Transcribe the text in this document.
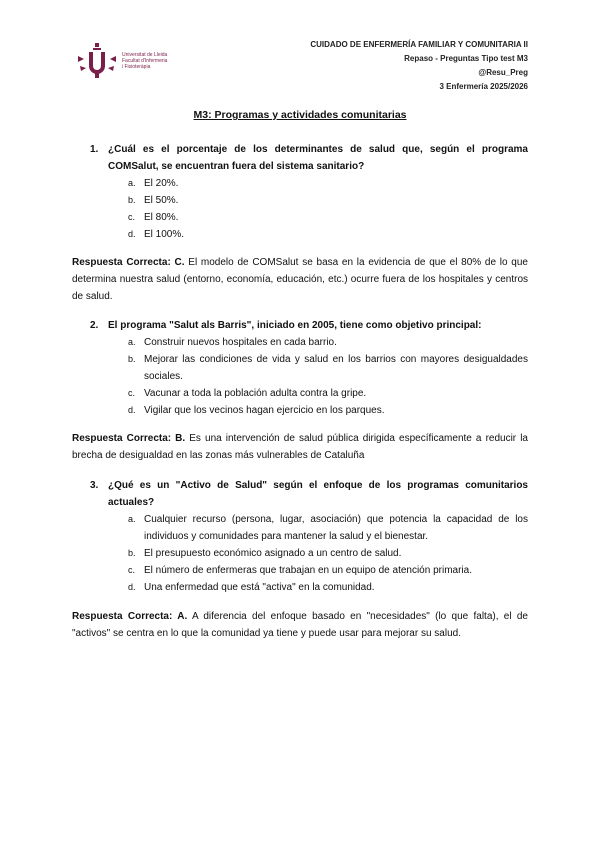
Universitat de Lleida
Facultat d'Infermeria
i Fisioteràpia
CUIDADO DE ENFERMERÍA FAMILIAR Y COMUNITARIA II
Repaso - Preguntas Tipo test M3
@Resu_Preg
3 Enfermería 2025/2026
M3: Programas y actividades comunitarias
1. ¿Cuál es el porcentaje de los determinantes de salud que, según el programa COMSalut, se encuentran fuera del sistema sanitario?
a. El 20%.
b. El 50%.
c. El 80%.
d. El 100%.
Respuesta Correcta: C. El modelo de COMSalut se basa en la evidencia de que el 80% de lo que determina nuestra salud (entorno, economía, educación, etc.) ocurre fuera de los hospitales y centros de salud.
2. El programa "Salut als Barris", iniciado en 2005, tiene como objetivo principal:
a. Construir nuevos hospitales en cada barrio.
b. Mejorar las condiciones de vida y salud en los barrios con mayores desigualdades sociales.
c. Vacunar a toda la población adulta contra la gripe.
d. Vigilar que los vecinos hagan ejercicio en los parques.
Respuesta Correcta: B. Es una intervención de salud pública dirigida específicamente a reducir la brecha de desigualdad en las zonas más vulnerables de Cataluña
3. ¿Qué es un "Activo de Salud" según el enfoque de los programas comunitarios actuales?
a. Cualquier recurso (persona, lugar, asociación) que potencia la capacidad de los individuos y comunidades para mantener la salud y el bienestar.
b. El presupuesto económico asignado a un centro de salud.
c. El número de enfermeras que trabajan en un equipo de atención primaria.
d. Una enfermedad que está "activa" en la comunidad.
Respuesta Correcta: A. A diferencia del enfoque basado en "necesidades" (lo que falta), el de "activos" se centra en lo que la comunidad ya tiene y puede usar para mejorar su salud.
